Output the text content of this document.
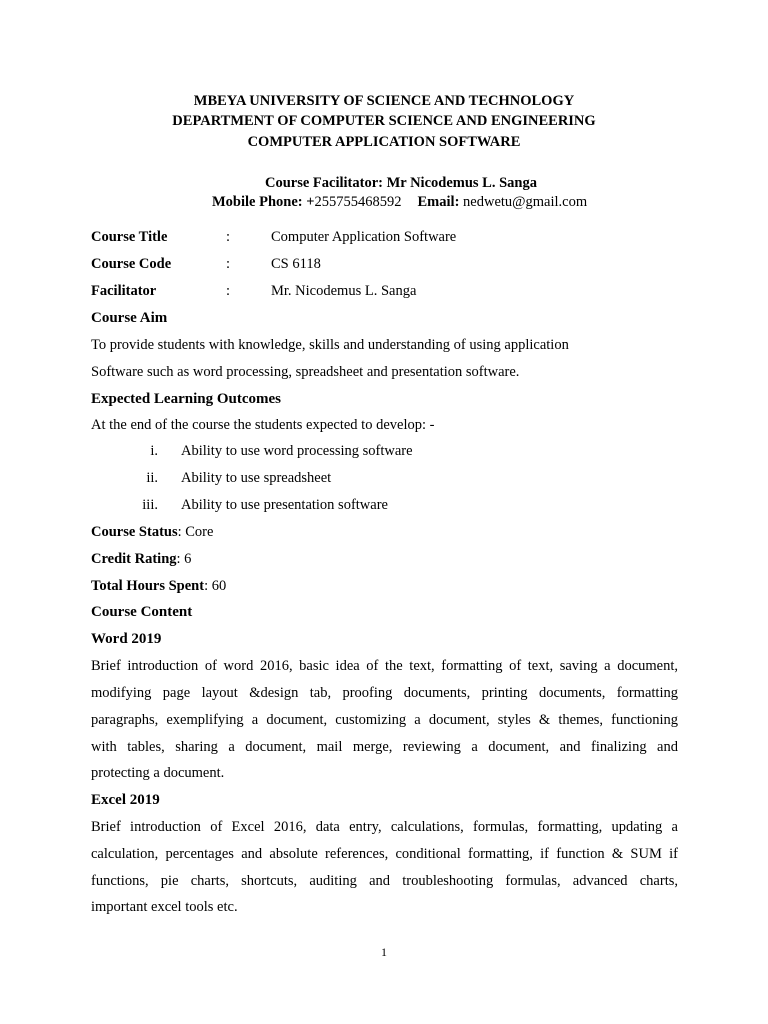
MBEYA UNIVERSITY OF SCIENCE AND TECHNOLOGY
DEPARTMENT OF COMPUTER SCIENCE AND ENGINEERING
COMPUTER APPLICATION SOFTWARE
Course Facilitator: Mr Nicodemus L. Sanga
Mobile Phone: +255755468592 Email: nedwetu@gmail.com
Course Title	:	Computer Application Software
Course Code	:	CS 6118
Facilitator	:	Mr. Nicodemus L. Sanga
Course Aim
To provide students with knowledge, skills and understanding of using application
Software such as word processing, spreadsheet and presentation software.
Expected Learning Outcomes
At the end of the course the students expected to develop: -
i. Ability to use word processing software
ii. Ability to use spreadsheet
iii. Ability to use presentation software
Course Status: Core
Credit Rating: 6
Total Hours Spent: 60
Course Content
Word 2019
Brief introduction of word 2016, basic idea of the text, formatting of text, saving a document,
modifying page layout &design tab, proofing documents, printing documents, formatting
paragraphs, exemplifying a document, customizing a document, styles & themes, functioning
with tables, sharing a document, mail merge, reviewing a document, and finalizing and
protecting a document.
Excel 2019
Brief introduction of Excel 2016, data entry, calculations, formulas, formatting, updating a
calculation, percentages and absolute references, conditional formatting, if function & SUM if
functions, pie charts, shortcuts, auditing and troubleshooting formulas, advanced charts,
important excel tools etc.
1
